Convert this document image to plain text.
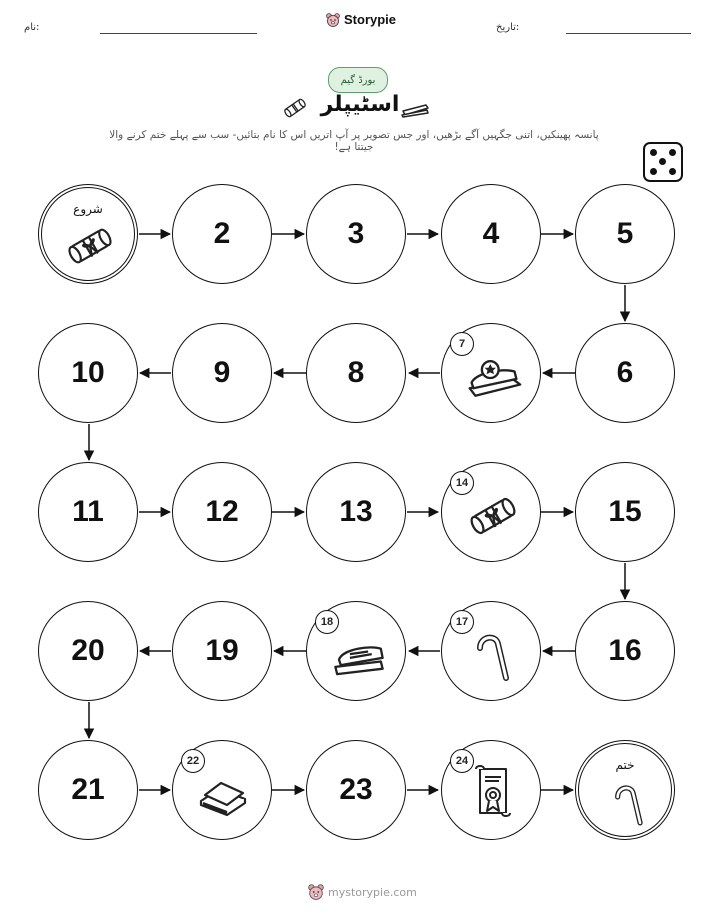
نام:
Storypie
تاریخ:
بورڈ گیم
اسٹیپلر
پانسہ پھینکیں، اتنی جگہیں آگے بڑھیں، اور جس تصویر پر آپ اتریں اس کا نام بتائیں- سب سے پہلے ختم کرنے والا جیتتا ہے!
شروع
2	3	4	5
10	9	8
7
6
11	12	13
14
15
20	19
18	17
16
21
22
23
24	ختم
mystorypie.com
